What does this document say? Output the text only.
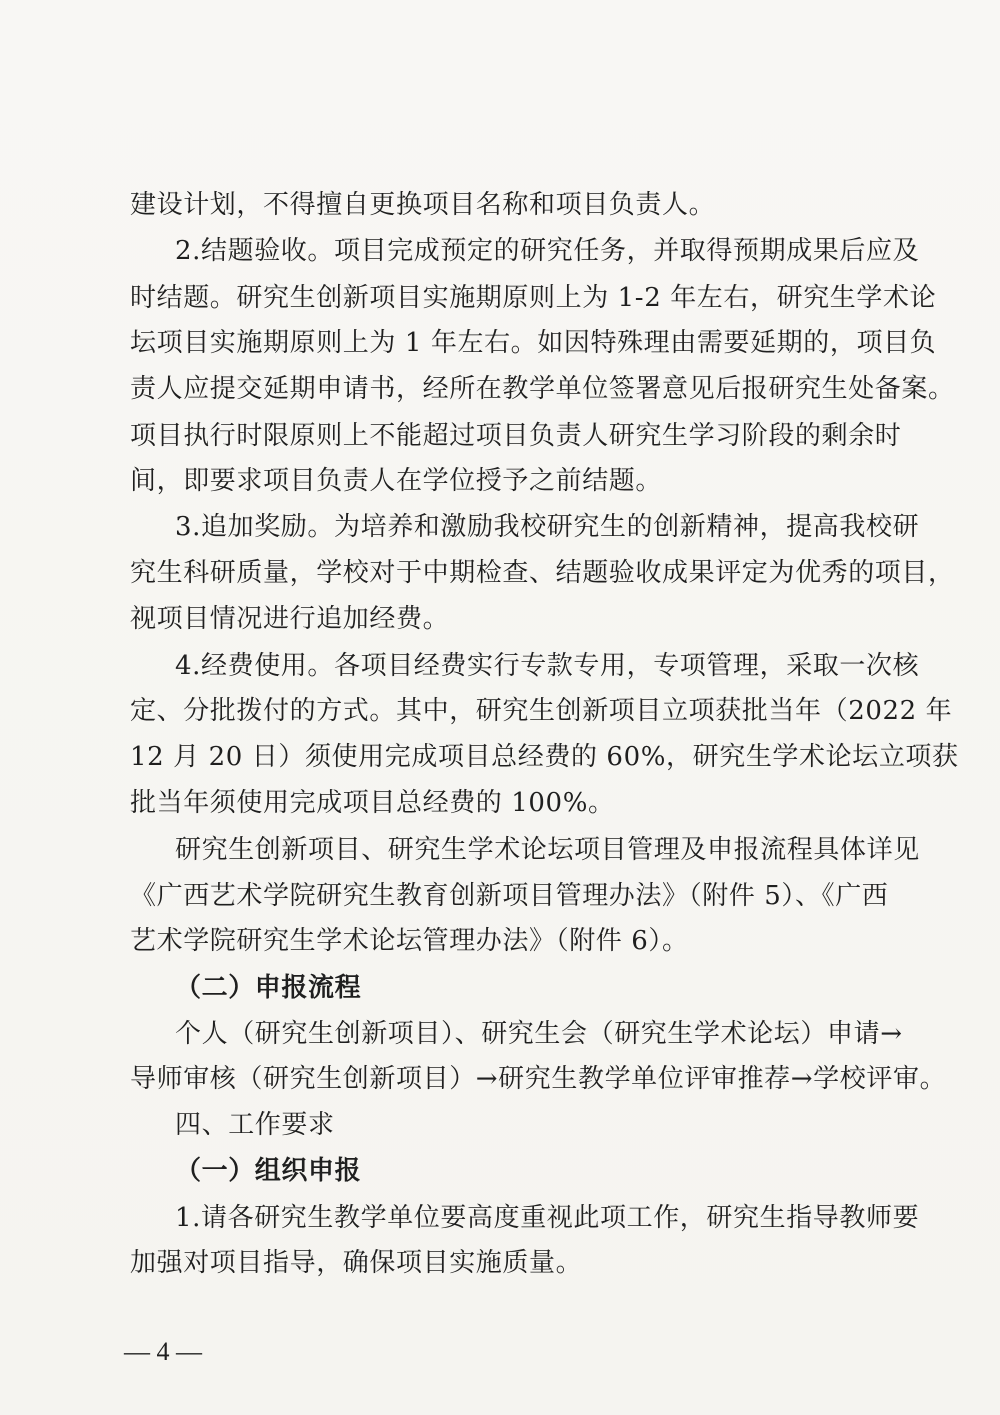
建设计划，不得擅自更换项目名称和项目负责人。
2.结题验收。项目完成预定的研究任务，并取得预期成果后应及
时结题。研究生创新项目实施期原则上为 1-2 年左右，研究生学术论
坛项目实施期原则上为 1 年左右。如因特殊理由需要延期的，项目负
责人应提交延期申请书，经所在教学单位签署意见后报研究生处备案。
项目执行时限原则上不能超过项目负责人研究生学习阶段的剩余时
间，即要求项目负责人在学位授予之前结题。
3.追加奖励。为培养和激励我校研究生的创新精神，提高我校研
究生科研质量，学校对于中期检查、结题验收成果评定为优秀的项目，
视项目情况进行追加经费。
4.经费使用。各项目经费实行专款专用，专项管理，采取一次核
定、分批拨付的方式。其中，研究生创新项目立项获批当年（2022 年
12 月 20 日）须使用完成项目总经费的 60%，研究生学术论坛立项获
批当年须使用完成项目总经费的 100%。
研究生创新项目、研究生学术论坛项目管理及申报流程具体详见
《广西艺术学院研究生教育创新项目管理办法》（附件 5）、《广西
艺术学院研究生学术论坛管理办法》（附件 6）。
（二）申报流程
个人（研究生创新项目）、研究生会（研究生学术论坛）申请→
导师审核（研究生创新项目）→研究生教学单位评审推荐→学校评审。
四、工作要求
（一）组织申报
1.请各研究生教学单位要高度重视此项工作，研究生指导教师要
加强对项目指导，确保项目实施质量。
— 4 —
